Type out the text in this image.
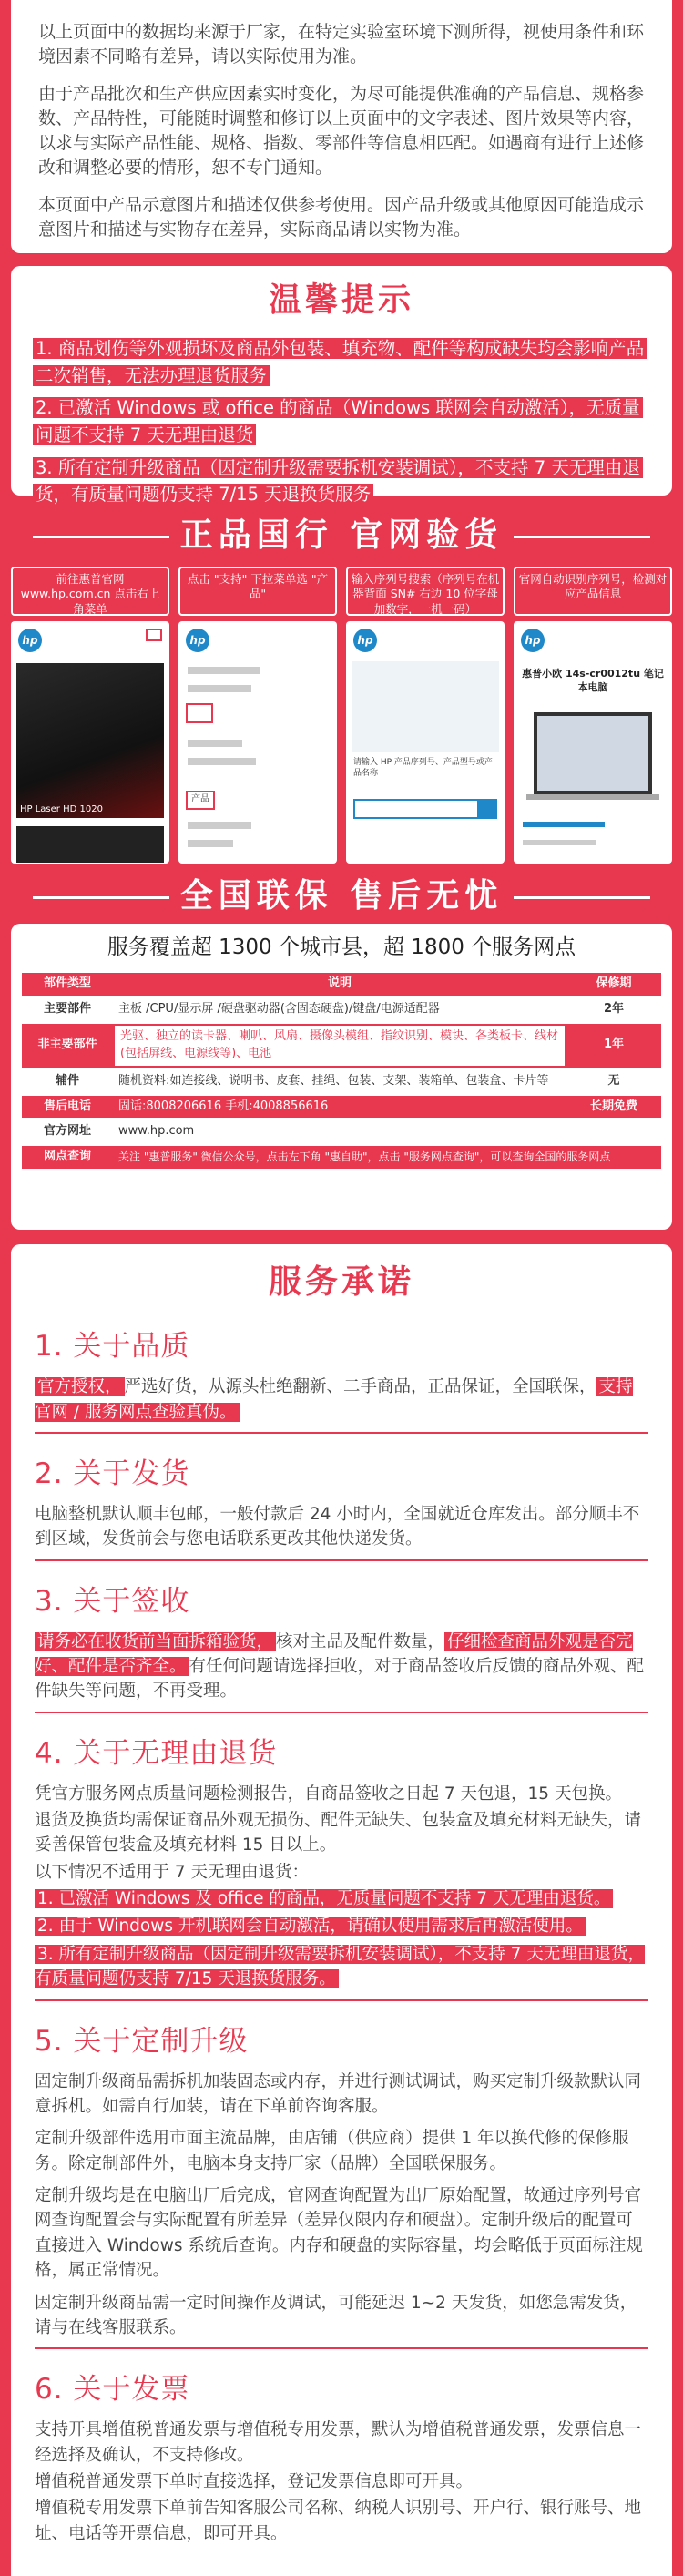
以上页面中的数据均来源于厂家，在特定实验室环境下测所得，视使用条件和环境因素不同略有差异，请以实际使用为准。

由于产品批次和生产供应因素实时变化，为尽可能提供准确的产品信息、规格参数、产品特性，可能随时调整和修订以上页面中的文字表述、图片效果等内容，以求与实际产品性能、规格、指数、零部件等信息相匹配。如遇商有进行上述修改和调整必要的情形，恕不专门通知。

本页面中产品示意图片和描述仅供参考使用。因产品升级或其他原因可能造成示意图片和描述与实物存在差异，实际商品请以实物为准。

温馨提示
1. 商品划伤等外观损坏及商品外包装、填充物、配件等构成缺失均会影响产品二次销售，无法办理退货服务
2. 已激活 Windows 或 office 的商品（Windows 联网会自动激活），无质量问题不支持 7 天无理由退货
3. 所有定制升级商品（因定制升级需要拆机安装调试），不支持 7 天无理由退货，有质量问题仍支持 7/15 天退换货服务
正品国行 官网验货
前往惠普官网 www.hp.com.cn 点击右上角菜单
hp
HP Laser HD 1020
点击 "支持" 下拉菜单选 "产品"
hp
产品
输入序列号搜索（序列号在机器背面 SN# 右边 10 位字母加数字，一机一码）
hp
请输入 HP 产品序列号、产品型号或产品名称
官网自动识别序列号，检测对应产品信息
hp
惠普小欧 14s-cr0012tu 笔记本电脑
全国联保 售后无忧
服务覆盖超 1300 个城市县，超 1800 个服务网点
部件类型	说明	保修期
主要部件	主板 /CPU/显示屏 /硬盘驱动器(含固态硬盘)/键盘/电源适配器	2年
非主要部件	光驱、独立的读卡器、喇叭、风扇、摄像头模组、指纹识别、模块、各类板卡、线材(包括屏线、电源线等)、电池	1年
辅件	随机资料:如连接线、说明书、皮套、挂绳、包装、支架、装箱单、包装盒、卡片等	无
售后电话	固话:8008206616 手机:4008856616	长期免费
官方网址	www.hp.com	
网点查询	关注 "惠普服务" 微信公众号，点击左下角 "惠自助"，点击 "服务网点查询"，可以查询全国的服务网点	
服务承诺
1. 关于品质
官方授权， 严选好货，从源头杜绝翻新、二手商品，正品保证，全国联保， 支持官网 / 服务网点查验真伪。
2. 关于发货
电脑整机默认顺丰包邮，一般付款后 24 小时内，全国就近仓库发出。部分顺丰不到区域，发货前会与您电话联系更改其他快递发货。
3. 关于签收
请务必在收货前当面拆箱验货， 核对主品及配件数量， 仔细检查商品外观是否完好、配件是否齐全。 有任何问题请选择拒收，对于商品签收后反馈的商品外观、配件缺失等问题，不再受理。
4. 关于无理由退货
凭官方服务网点质量问题检测报告，自商品签收之日起 7 天包退，15 天包换。
退货及换货均需保证商品外观无损伤、配件无缺失、包装盒及填充材料无缺失，请妥善保管包装盒及填充材料 15 日以上。
以下情况不适用于 7 天无理由退货：
1. 已激活 Windows 及 office 的商品，无质量问题不支持 7 天无理由退货。
2. 由于 Windows 开机联网会自动激活，请确认使用需求后再激活使用。
3. 所有定制升级商品（因定制升级需要拆机安装调试），不支持 7 天无理由退货，有质量问题仍支持 7/15 天退换货服务。
5. 关于定制升级
固定制升级商品需拆机加装固态或内存，并进行测试调试，购买定制升级款默认同意拆机。如需自行加装，请在下单前咨询客服。
定制升级部件选用市面主流品牌，由店铺（供应商）提供 1 年以换代修的保修服务。除定制部件外，电脑本身支持厂家（品牌）全国联保服务。
定制升级均是在电脑出厂后完成，官网查询配置为出厂原始配置，故通过序列号官网查询配置会与实际配置有所差异（差异仅限内存和硬盘）。定制升级后的配置可直接进入 Windows 系统后查询。内存和硬盘的实际容量，均会略低于页面标注规格，属正常情况。
因定制升级商品需一定时间操作及调试，可能延迟 1~2 天发货，如您急需发货，请与在线客服联系。
6. 关于发票
支持开具增值税普通发票与增值税专用发票，默认为增值税普通发票，发票信息一经选择及确认，不支持修改。
增值税普通发票下单时直接选择，登记发票信息即可开具。
增值税专用发票下单前告知客服公司名称、纳税人识别号、开户行、银行账号、地址、电话等开票信息，即可开具。
